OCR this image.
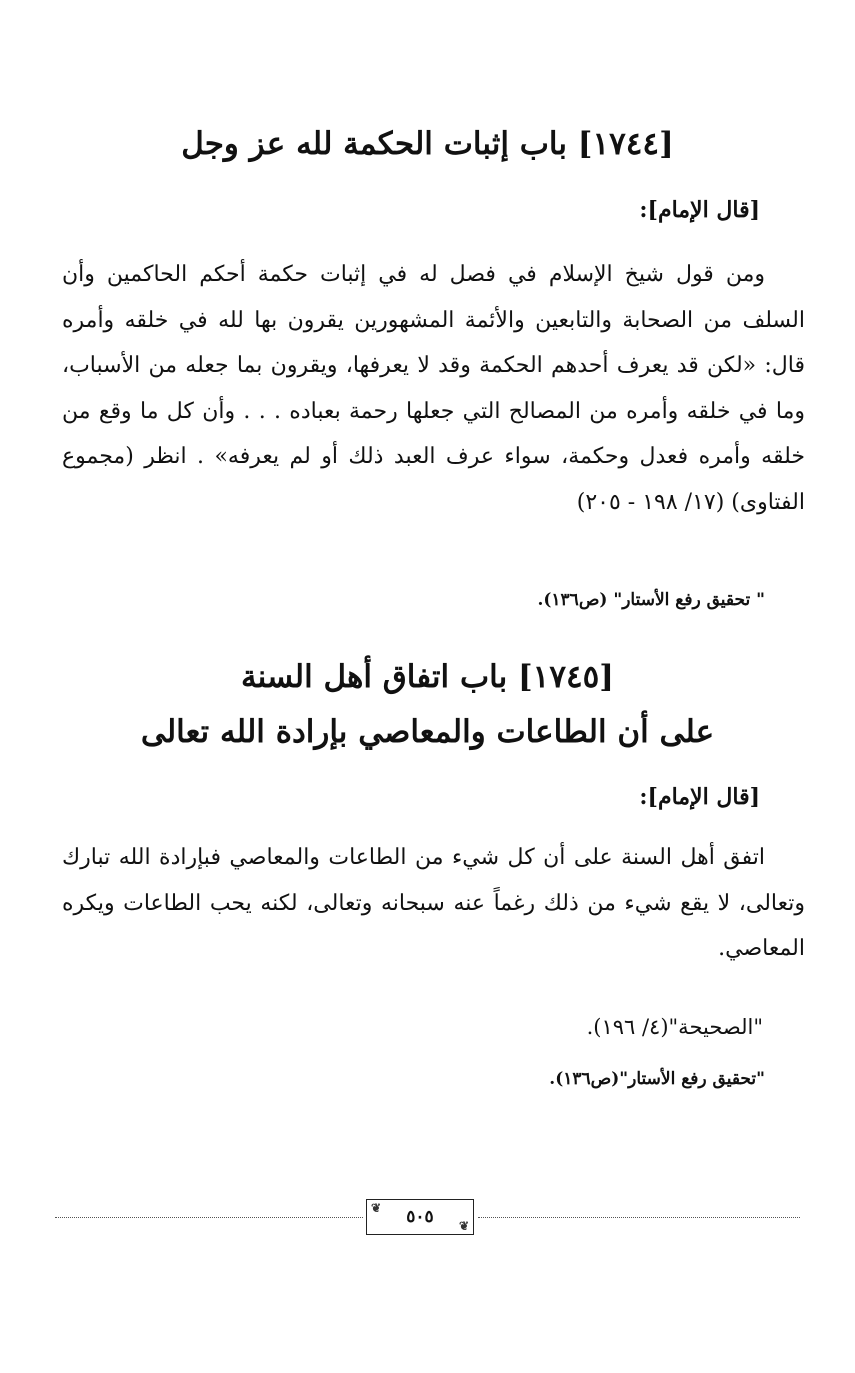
[١٧٤٤] باب إثبات الحكمة لله عز وجل
[قال الإمام]:

ومن قول شيخ الإسلام في فصل له في إثبات حكمة أحكم الحاكمين وأن السلف من الصحابة والتابعين والأئمة المشهورين يقرون بها لله في خلقه وأمره قال: «لكن قد يعرف أحدهم الحكمة وقد لا يعرفها، ويقرون بما جعله من الأسباب، وما في خلقه وأمره من المصالح التي جعلها رحمة بعباده . . . وأن كل ما وقع من خلقه وأمره فعدل وحكمة، سواء عرف العبد ذلك أو لم يعرفه» . انظر (مجموع الفتاوى) (١٧/ ١٩٨ - ٢٠٥)

" تحقيق رفع الأستار" (ص١٣٦).
[١٧٤٥] باب اتفاق أهل السنة
على أن الطاعات والمعاصي بإرادة الله تعالى
[قال الإمام]:

اتفق أهل السنة على أن كل شيء من الطاعات والمعاصي فبإرادة الله تبارك وتعالى، لا يقع شيء من ذلك رغماً عنه سبحانه وتعالى، لكنه يحب الطاعات ويكره المعاصي.

"الصحيحة"(٤/ ١٩٦).
"تحقيق رفع الأستار"(ص١٣٦).
❦
❦
٥٠٥
